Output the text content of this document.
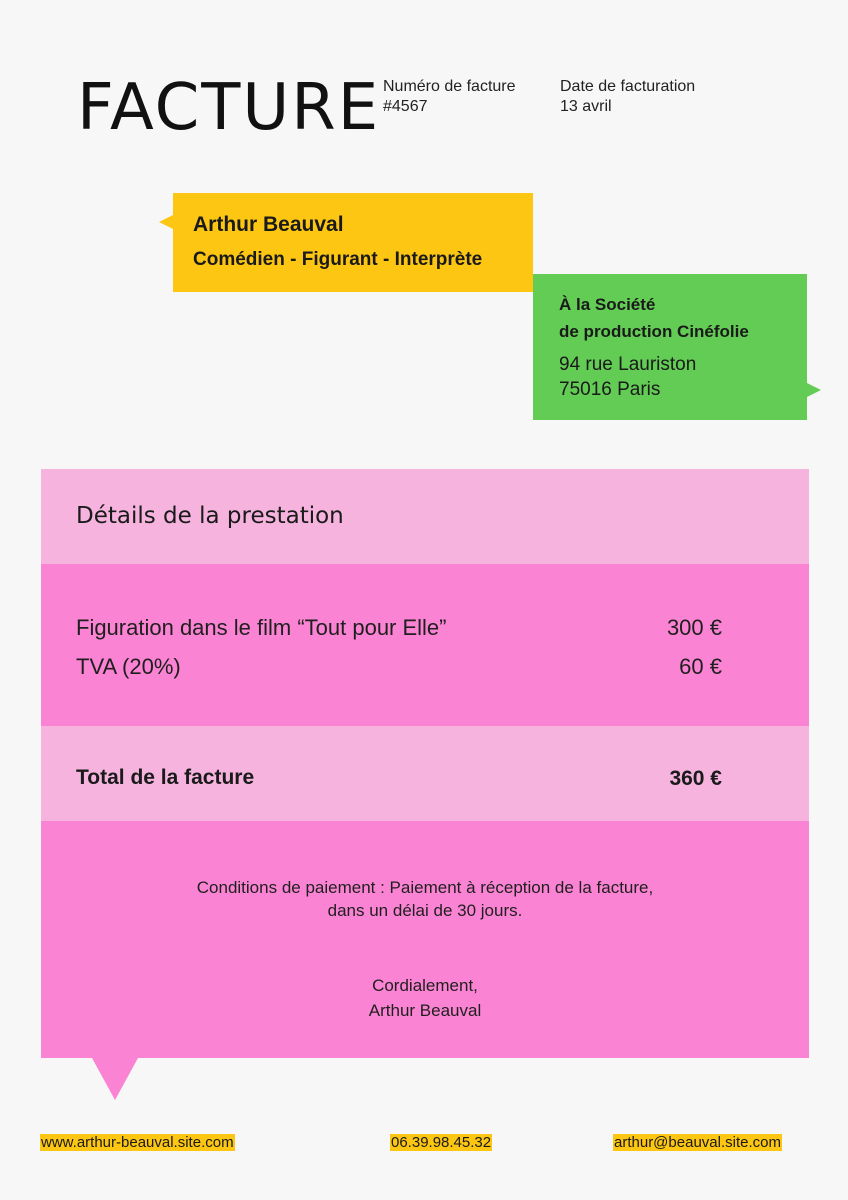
FACTURE Numéro de facture
#4567
Date de facturation
13 avril
Arthur Beauval
Comédien - Figurant - Interprète
À la Société
de production Cinéfolie
94 rue Lauriston
75016 Paris
Détails de la prestation
Figuration dans le film “Tout pour Elle”	300 €
TVA (20%)	60 €
Total de la facture	360 €
Conditions de paiement : Paiement à réception de la facture,
dans un délai de 30 jours.
Cordialement,
Arthur Beauval
www.arthur-beauval.site.com	06.39.98.45.32	arthur@beauval.site.com
